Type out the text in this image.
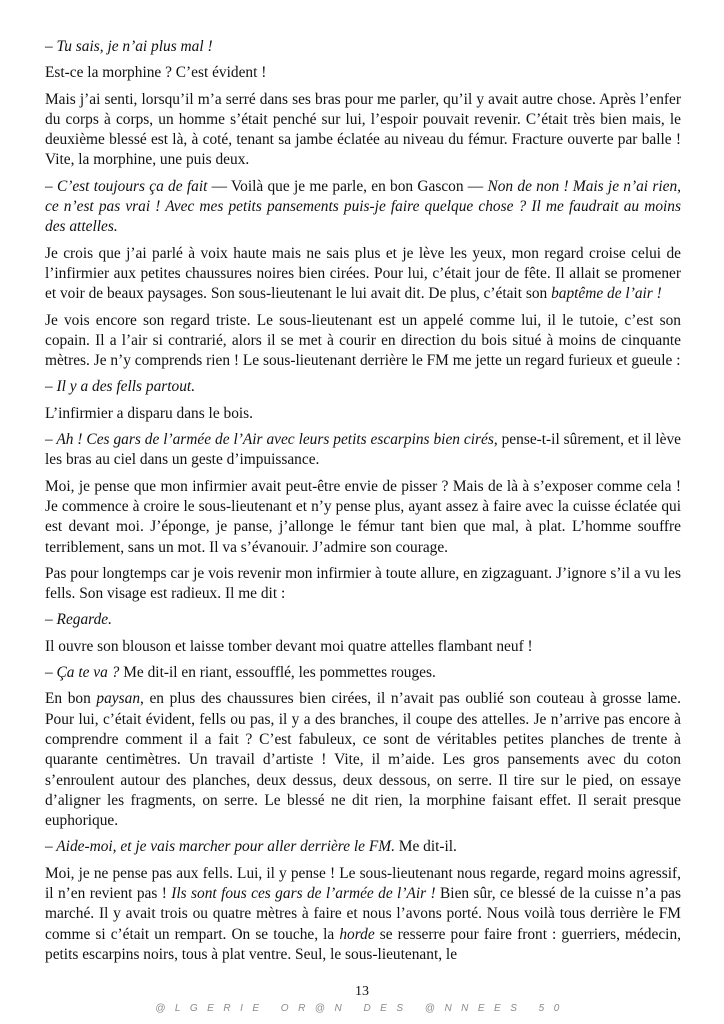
– Tu sais, je n’ai plus mal !

Est-ce la morphine ? C’est évident !

Mais j’ai senti, lorsqu’il m’a serré dans ses bras pour me parler, qu’il y avait autre chose. Après l’enfer du corps à corps, un homme s’était penché sur lui, l’espoir pouvait revenir. C’était très bien mais, le deuxième blessé est là, à coté, tenant sa jambe éclatée au niveau du fémur. Fracture ouverte par balle ! Vite, la morphine, une puis deux.

– C’est toujours ça de fait — Voilà que je me parle, en bon Gascon — Non de non ! Mais je n’ai rien, ce n’est pas vrai ! Avec mes petits pansements puis-je faire quelque chose ? Il me faudrait au moins des attelles.

Je crois que j’ai parlé à voix haute mais ne sais plus et je lève les yeux, mon regard croise celui de l’infirmier aux petites chaussures noires bien cirées. Pour lui, c’était jour de fête. Il allait se promener et voir de beaux paysages. Son sous-lieutenant le lui avait dit. De plus, c’était son baptême de l’air !

Je vois encore son regard triste. Le sous-lieutenant est un appelé comme lui, il le tutoie, c’est son copain. Il a l’air si contrarié, alors il se met à courir en direction du bois situé à moins de cinquante mètres. Je n’y comprends rien ! Le sous-lieutenant derrière le FM me jette un regard furieux et gueule :

– Il y a des fells partout.

L’infirmier a disparu dans le bois.

– Ah ! Ces gars de l’armée de l’Air avec leurs petits escarpins bien cirés, pense-t-il sûrement, et il lève les bras au ciel dans un geste d’impuissance.

Moi, je pense que mon infirmier avait peut-être envie de pisser ? Mais de là à s’exposer comme cela ! Je commence à croire le sous-lieutenant et n’y pense plus, ayant assez à faire avec la cuisse éclatée qui est devant moi. J’éponge, je panse, j’allonge le fémur tant bien que mal, à plat. L’homme souffre terriblement, sans un mot. Il va s’évanouir. J’admire son courage.

Pas pour longtemps car je vois revenir mon infirmier à toute allure, en zigzaguant. J’ignore s’il a vu les fells. Son visage est radieux. Il me dit :

– Regarde.

Il ouvre son blouson et laisse tomber devant moi quatre attelles flambant neuf !

– Ça te va ? Me dit-il en riant, essoufflé, les pommettes rouges.

En bon paysan, en plus des chaussures bien cirées, il n’avait pas oublié son couteau à grosse lame. Pour lui, c’était évident, fells ou pas, il y a des branches, il coupe des attelles. Je n’arrive pas encore à comprendre comment il a fait ? C’est fabuleux, ce sont de véritables petites planches de trente à quarante centimètres. Un travail d’artiste ! Vite, il m’aide. Les gros pansements avec du coton s’enroulent autour des planches, deux dessus, deux dessous, on serre. Il tire sur le pied, on essaye d’aligner les fragments, on serre. Le blessé ne dit rien, la morphine faisant effet. Il serait presque euphorique.

– Aide-moi, et je vais marcher pour aller derrière le FM. Me dit-il.

Moi, je ne pense pas aux fells. Lui, il y pense ! Le sous-lieutenant nous regarde, regard moins agressif, il n’en revient pas ! Ils sont fous ces gars de l’armée de l’Air ! Bien sûr, ce blessé de la cuisse n’a pas marché. Il y avait trois ou quatre mètres à faire et nous l’avons porté. Nous voilà tous derrière le FM comme si c’était un rempart. On se touche, la horde se resserre pour faire front : guerriers, médecin, petits escarpins noirs, tous à plat ventre. Seul, le sous-lieutenant, le

13
@LGERIE OR@N DES @NNEES 50
